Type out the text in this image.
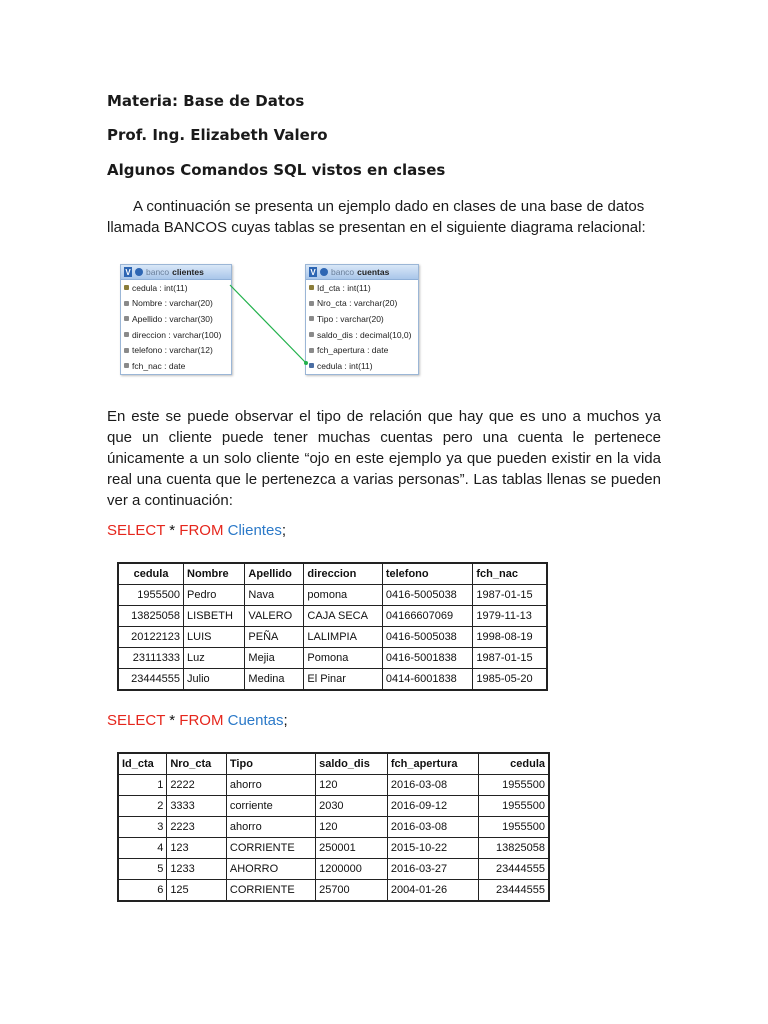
Materia: Base de Datos
Prof. Ing. Elizabeth Valero
Algunos Comandos SQL vistos en clases

A continuación se presenta un ejemplo dado en clases de una base de datos llamada BANCOS cuyas tablas se presentan en el siguiente diagrama relacional:

V banco clientes
cedula : int(11)
Nombre : varchar(20)
Apellido : varchar(30)
direccion : varchar(100)
telefono : varchar(12)
fch_nac : date
V banco cuentas
Id_cta : int(11)
Nro_cta : varchar(20)
Tipo : varchar(20)
saldo_dis : decimal(10,0)
fch_apertura : date
cedula : int(11)

En este se puede observar el tipo de relación que hay que es uno a muchos ya que un cliente puede tener muchas cuentas pero una cuenta le pertenece únicamente a un solo cliente “ojo en este ejemplo ya que pueden existir en la vida real una cuenta que le pertenezca a varias personas”. Las tablas llenas se pueden ver a continuación:

SELECT * FROM Clientes;

cedula	Nombre	Apellido	direccion	telefono	fch_nac
1955500	Pedro	Nava	pomona	0416-5005038	1987-01-15
13825058	LISBETH	VALERO	CAJA SECA	04166607069	1979-11-13
20122123	LUIS	PEÑA	LALIMPIA	0416-5005038	1998-08-19
23111333	Luz	Mejia	Pomona	0416-5001838	1987-01-15
23444555	Julio	Medina	El Pinar	0414-6001838	1985-05-20

SELECT * FROM Cuentas;

Id_cta	Nro_cta	Tipo	saldo_dis	fch_apertura	cedula
1	2222	ahorro	120	2016-03-08	1955500
2	3333	corriente	2030	2016-09-12	1955500
3	2223	ahorro	120	2016-03-08	1955500
4	123	CORRIENTE	250001	2015-10-22	13825058
5	1233	AHORRO	1200000	2016-03-27	23444555
6	125	CORRIENTE	25700	2004-01-26	23444555
